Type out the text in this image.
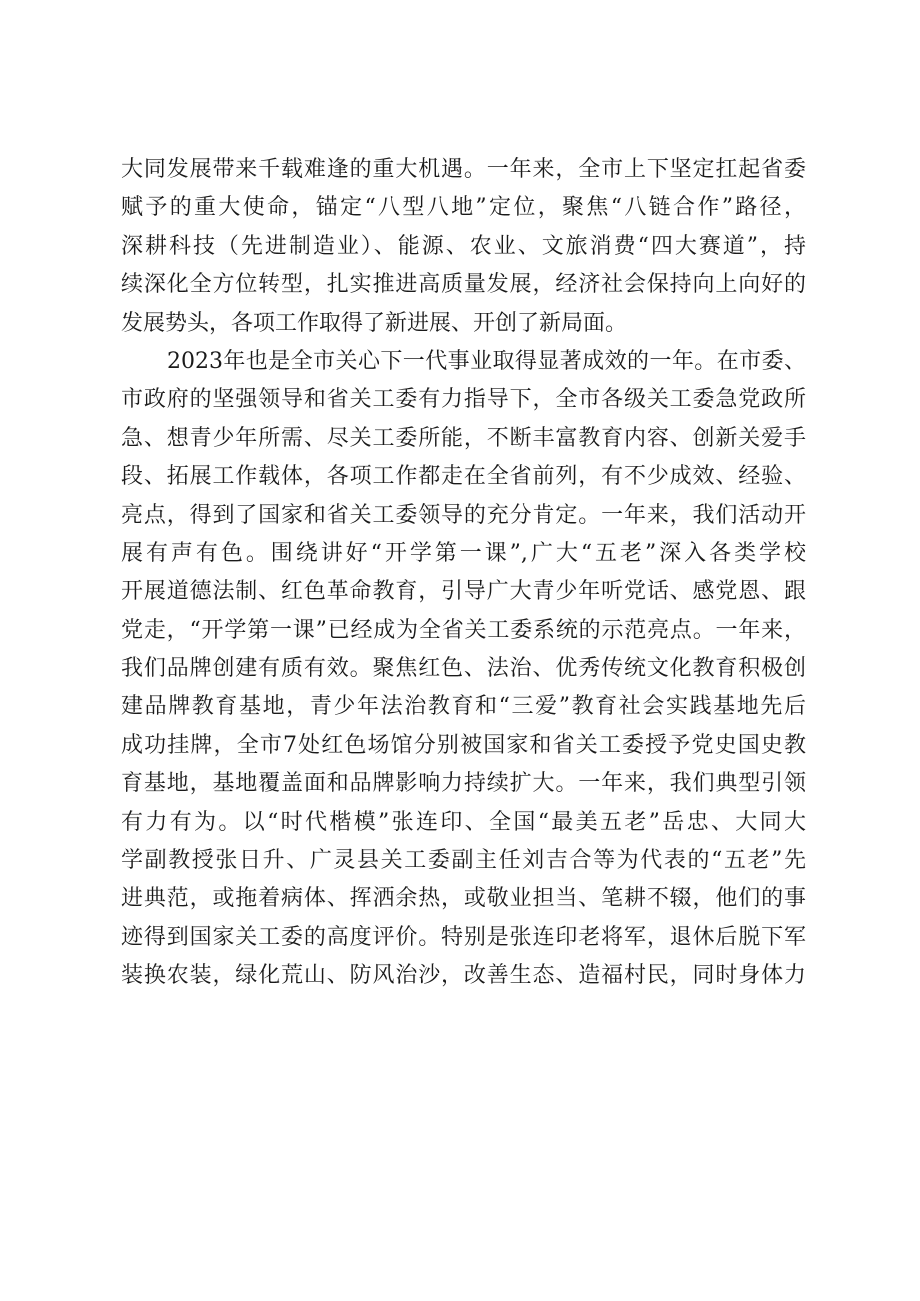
大同发展带来千载难逢的重大机遇。一年来，全市上下坚定扛起省委
赋予的重大使命，锚定“八型八地”定位，聚焦“八链合作”路径，
深耕科技（先进制造业）、能源、农业、文旅消费“四大赛道”，持
续深化全方位转型，扎实推进高质量发展，经济社会保持向上向好的
发展势头，各项工作取得了新进展、开创了新局面。
2023年也是全市关心下一代事业取得显著成效的一年。在市委、
市政府的坚强领导和省关工委有力指导下，全市各级关工委急党政所
急、想青少年所需、尽关工委所能，不断丰富教育内容、创新关爱手
段、拓展工作载体，各项工作都走在全省前列，有不少成效、经验、
亮点，得到了国家和省关工委领导的充分肯定。一年来，我们活动开
展有声有色。围绕讲好“开学第一课”,广大“五老”深入各类学校
开展道德法制、红色革命教育，引导广大青少年听党话、感党恩、跟
党走，“开学第一课”已经成为全省关工委系统的示范亮点。一年来，
我们品牌创建有质有效。聚焦红色、法治、优秀传统文化教育积极创
建品牌教育基地，青少年法治教育和“三爱”教育社会实践基地先后
成功挂牌，全市7处红色场馆分别被国家和省关工委授予党史国史教
育基地，基地覆盖面和品牌影响力持续扩大。一年来，我们典型引领
有力有为。以“时代楷模”张连印、全国“最美五老”岳忠、大同大
学副教授张日升、广灵县关工委副主任刘吉合等为代表的“五老”先
进典范，或拖着病体、挥洒余热，或敬业担当、笔耕不辍，他们的事
迹得到国家关工委的高度评价。特别是张连印老将军，退休后脱下军
装换农装，绿化荒山、防风治沙，改善生态、造福村民，同时身体力
